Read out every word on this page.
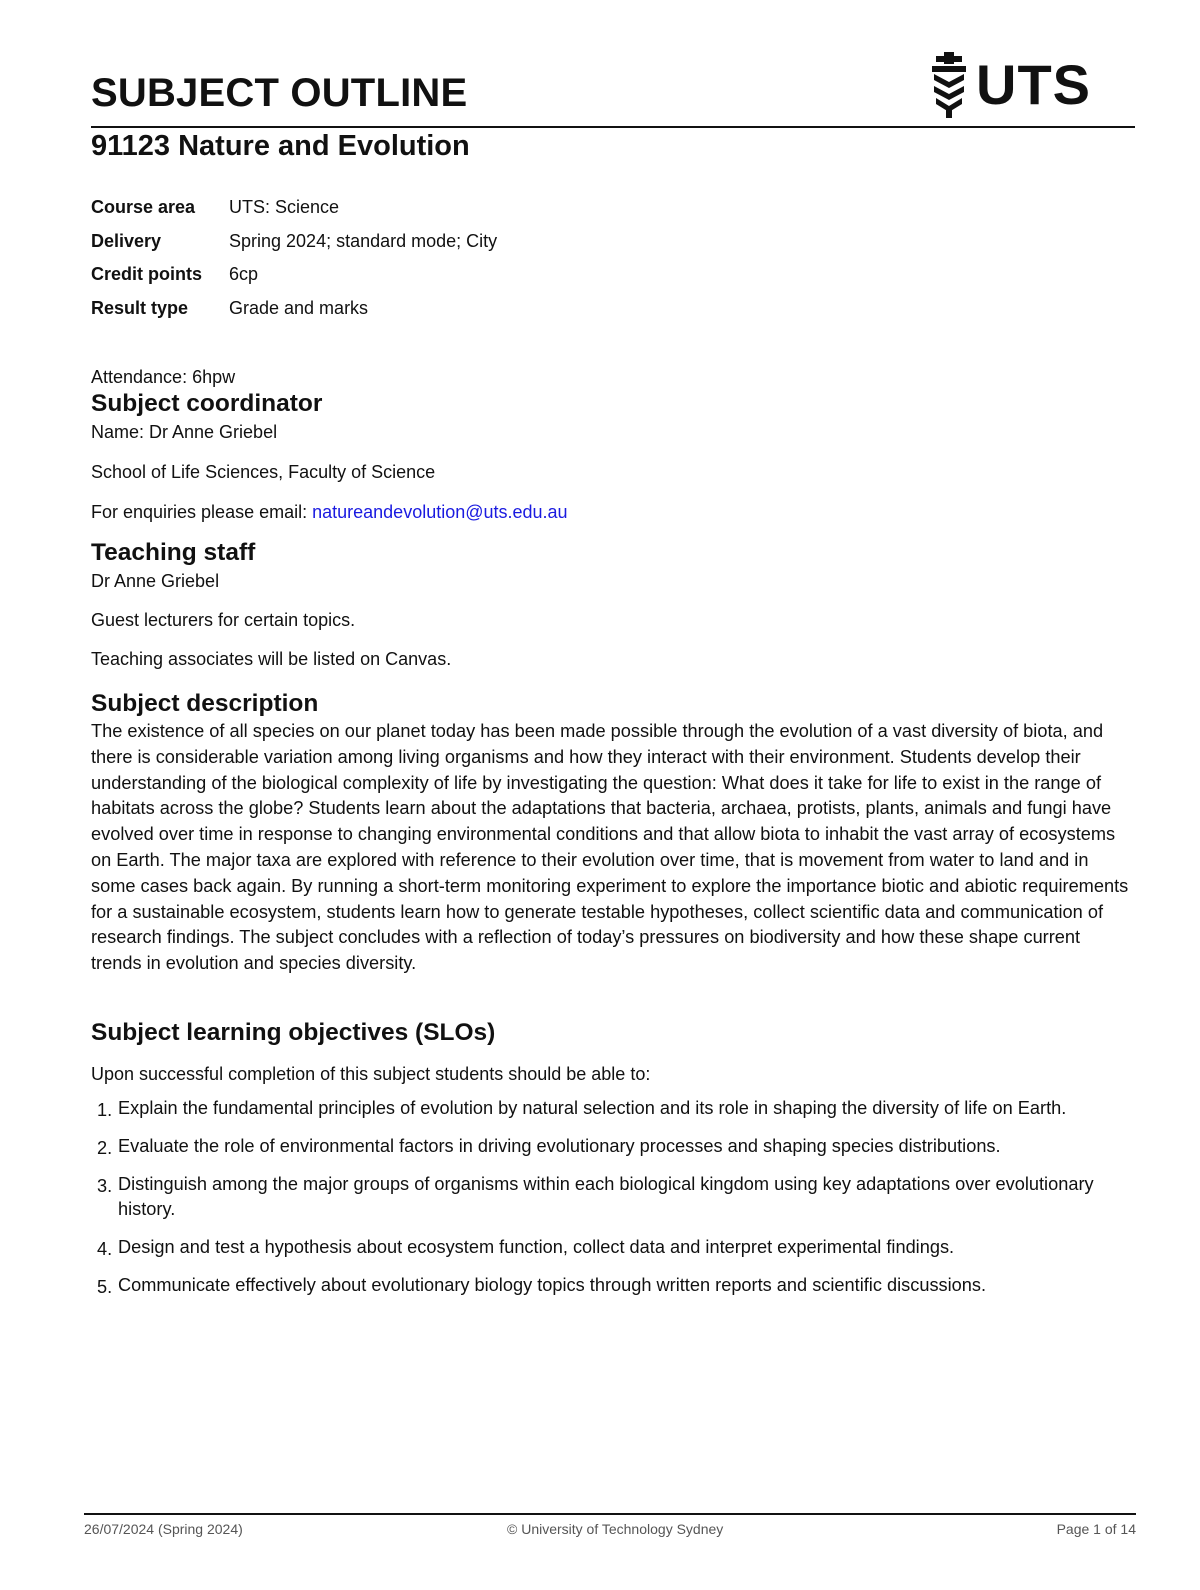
SUBJECT OUTLINE	UTS
91123 Nature and Evolution
Course area	UTS: Science
Delivery	Spring 2024; standard mode; City
Credit points	6cp
Result type	Grade and marks

Attendance: 6hpw

Subject coordinator

Name: Dr Anne Griebel

School of Life Sciences, Faculty of Science

For enquiries please email: natureandevolution@uts.edu.au

Teaching staff

Dr Anne Griebel

Guest lecturers for certain topics.

Teaching associates will be listed on Canvas.

Subject description

The existence of all species on our planet today has been made possible through the evolution of a vast diversity of biota, and there is considerable variation among living organisms and how they interact with their environment. Students develop their understanding of the biological complexity of life by investigating the question: What does it take for life to exist in the range of habitats across the globe? Students learn about the adaptations that bacteria, archaea, protists, plants, animals and fungi have evolved over time in response to changing environmental conditions and that allow biota to inhabit the vast array of ecosystems on Earth. The major taxa are explored with reference to their evolution over time, that is movement from water to land and in some cases back again. By running a short-term monitoring experiment to explore the importance biotic and abiotic requirements for a sustainable ecosystem, students learn how to generate testable hypotheses, collect scientific data and communication of research findings. The subject concludes with a reflection of today’s pressures on biodiversity and how these shape current trends in evolution and species diversity.

Subject learning objectives (SLOs)

Upon successful completion of this subject students should be able to:

1. Explain the fundamental principles of evolution by natural selection and its role in shaping the diversity of life on Earth.
2. Evaluate the role of environmental factors in driving evolutionary processes and shaping species distributions.
3. Distinguish among the major groups of organisms within each biological kingdom using key adaptations over evolutionary history.
4. Design and test a hypothesis about ecosystem function, collect data and interpret experimental findings.
5. Communicate effectively about evolutionary biology topics through written reports and scientific discussions.
26/07/2024 (Spring 2024)	© University of Technology Sydney	Page 1 of 14
